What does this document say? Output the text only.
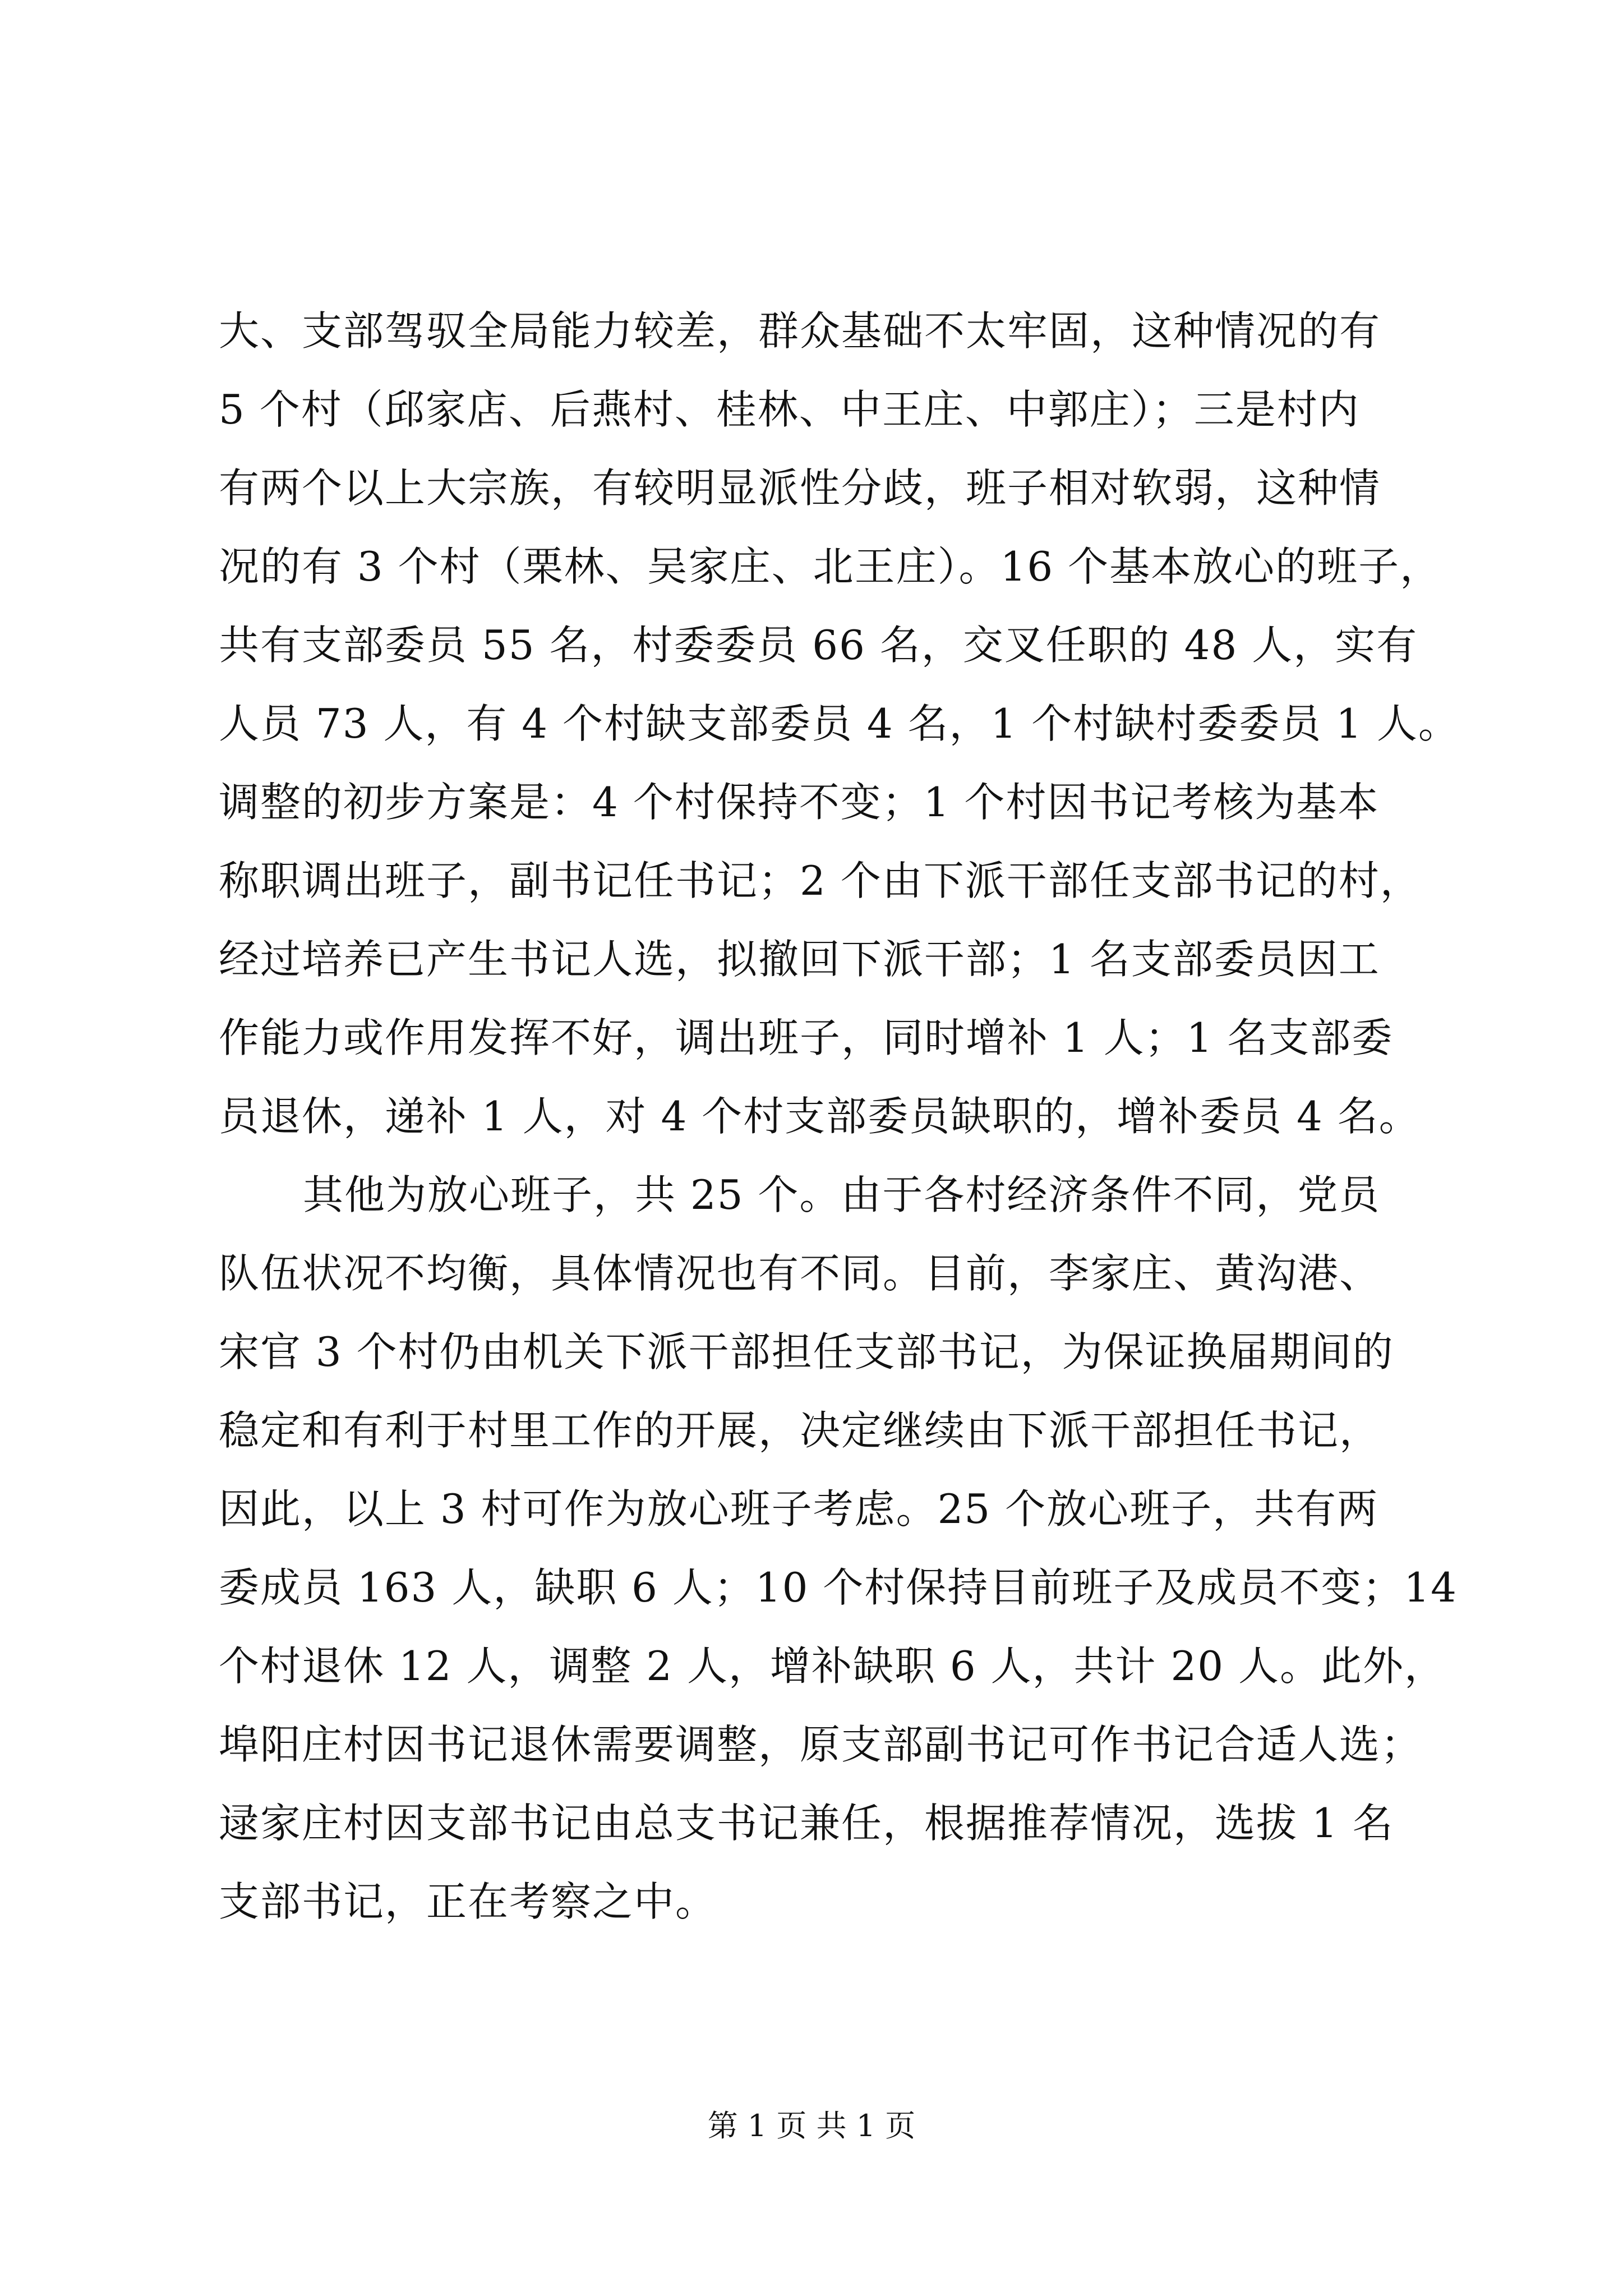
大、支部驾驭全局能力较差，群众基础不太牢固，这种情况的有
5 个村（邱家店、后燕村、桂林、中王庄、中郭庄）；三是村内
有两个以上大宗族，有较明显派性分歧，班子相对软弱，这种情
况的有 3 个村（栗林、吴家庄、北王庄）。16 个基本放心的班子，
共有支部委员 55 名，村委委员 66 名，交叉任职的 48 人，实有
人员 73 人，有 4 个村缺支部委员 4 名，1 个村缺村委委员 1 人。
调整的初步方案是：4 个村保持不变；1 个村因书记考核为基本
称职调出班子，副书记任书记；2 个由下派干部任支部书记的村，
经过培养已产生书记人选，拟撤回下派干部；1 名支部委员因工
作能力或作用发挥不好，调出班子，同时增补 1 人；1 名支部委
员退休，递补 1 人，对 4 个村支部委员缺职的，增补委员 4 名。
其他为放心班子，共 25 个。由于各村经济条件不同，党员
队伍状况不均衡，具体情况也有不同。目前，李家庄、黄沟港、
宋官 3 个村仍由机关下派干部担任支部书记，为保证换届期间的
稳定和有利于村里工作的开展，决定继续由下派干部担任书记，
因此，以上 3 村可作为放心班子考虑。25 个放心班子，共有两
委成员 163 人，缺职 6 人；10 个村保持目前班子及成员不变；14
个村退休 12 人，调整 2 人，增补缺职 6 人，共计 20 人。此外，
埠阳庄村因书记退休需要调整，原支部副书记可作书记合适人选；
逯家庄村因支部书记由总支书记兼任，根据推荐情况，选拔 1 名
支部书记，正在考察之中。
第 1 页 共 1 页
